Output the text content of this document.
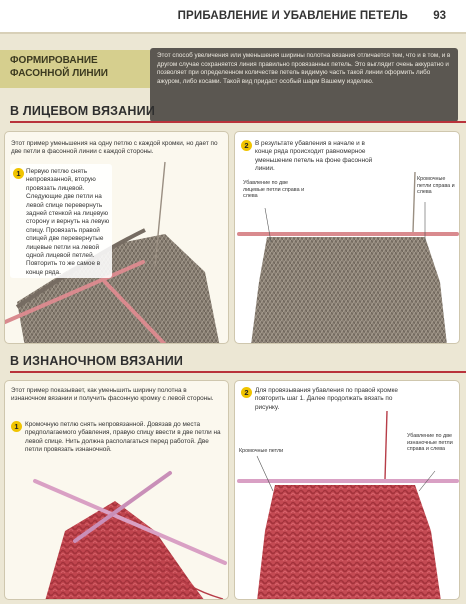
ПРИБАВЛЕНИЕ И УБАВЛЕНИЕ ПЕТЕЛЬ 93
ФОРМИРОВАНИЕ
ФАСОННОЙ ЛИНИИ
Этот способ увеличения или уменьшения ширины полотна вязания отличается тем, что и в том, и в другом случае сохраняется линия правильно провязанных петель. Это выглядит очень аккуратно и позволяет при определенном количестве петель видимую часть такой линии оформить либо ажуром, либо косами. Такой вид придаст особый шарм Вашему изделию.
В ЛИЦЕВОМ ВЯЗАНИИ
Этот пример уменьшения на одну петлю с каждой кромки, но дает по две петли в фасонной линии с каждой стороны.
1 Первую петлю снять непровязанной, вторую провязать лицевой. Следующие две петли на левой спице перевернуть задней стенкой на лицевую сторону и вернуть на левую спицу. Провязать правой спицей две перевернутые лицевые петли на левой одной лицевой петлей. Повторить то же самое в конце ряда.
2	В результате убавления в начале и в конце ряда происходит равномерное уменьшение петель на фоне фасонной линии.
Убавление по две лицевые петли справа и слева
Кромочные петли справа и слева
В ИЗНАНОЧНОМ ВЯЗАНИИ
Этот пример показывает, как уменьшить ширину полотна в изнаночном вязании и получить фасонную кромку с левой стороны.
1	Кромочную петлю снять непровязанной. Довязав до места предполагаемого убавления, правую спицу ввести в две петли на левой спице. Нить должна располагаться перед работой. Две петли провязать изнаночной.
2	Для провязывания убавления по правой кромке повторить шаг 1. Далее продолжать вязать по рисунку.
Кромочные петли
Убавление по две изнаночные петли справа и слева
